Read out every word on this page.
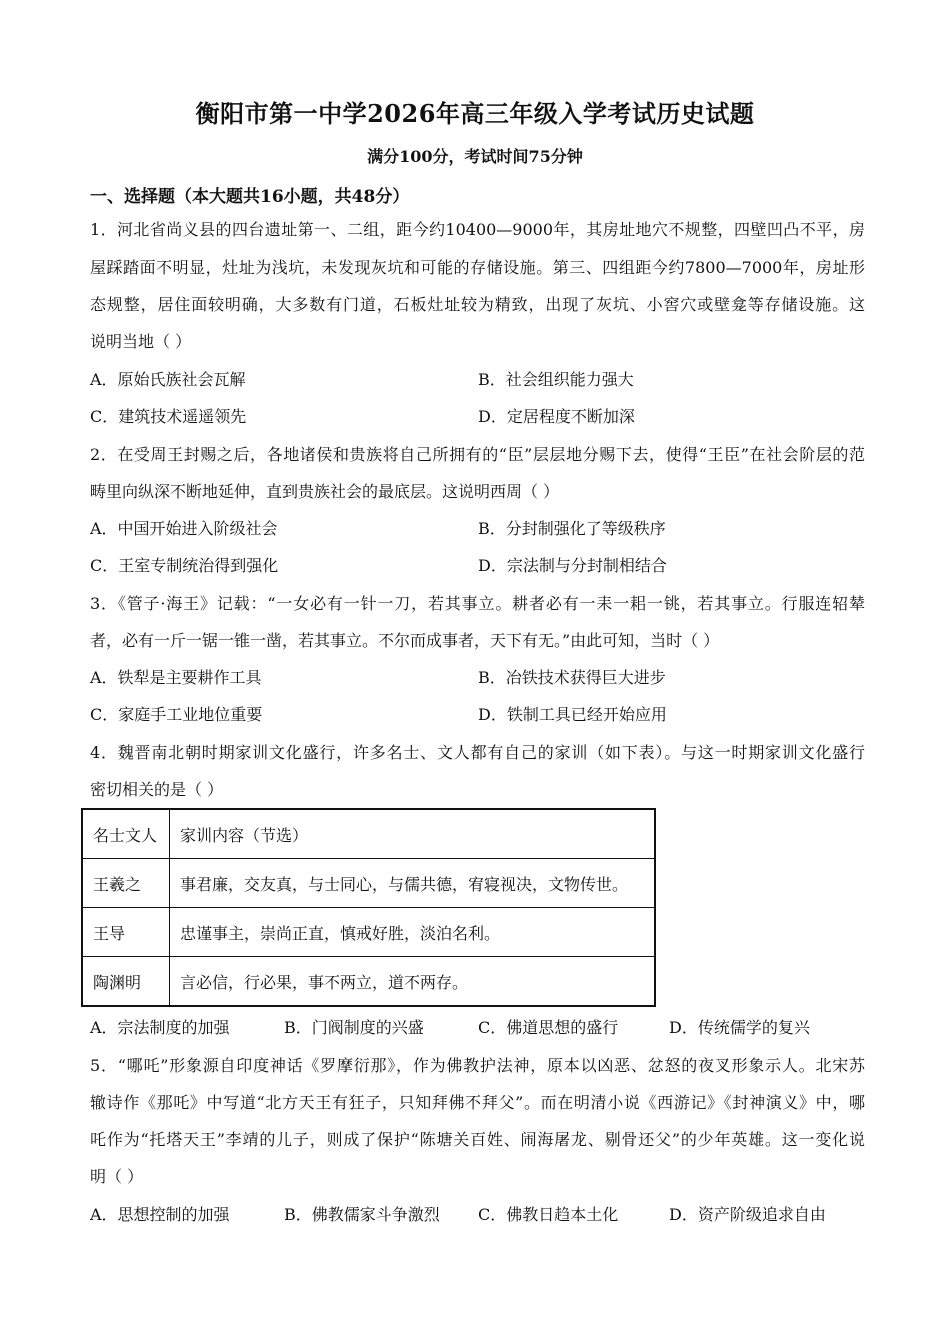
衡阳市第一中学2026年高三年级入学考试历史试题
满分100分，考试时间75分钟
一、选择题（本大题共16小题，共48分）
1．河北省尚义县的四台遗址第一、二组，距今约10400—9000年，其房址地穴不规整，四壁凹凸不平，房
屋踩踏面不明显，灶址为浅坑，未发现灰坑和可能的存储设施。第三、四组距今约7800—7000年，房址形
态规整，居住面较明确，大多数有门道，石板灶址较为精致，出现了灰坑、小窖穴或壁龛等存储设施。这
说明当地（ ）
A．原始氏族社会瓦解	B．社会组织能力强大
C．建筑技术遥遥领先	D．定居程度不断加深
2．在受周王封赐之后，各地诸侯和贵族将自己所拥有的“臣”层层地分赐下去，使得“王臣”在社会阶层的范
畴里向纵深不断地延伸，直到贵族社会的最底层。这说明西周（ ）
A．中国开始进入阶级社会	B．分封制强化了等级秩序
C．王室专制统治得到强化	D．宗法制与分封制相结合
3．《管子·海王》记载：“一女必有一针一刀，若其事立。耕者必有一耒一耜一铫，若其事立。行服连轺辇
者，必有一斤一锯一锥一凿，若其事立。不尔而成事者，天下有无。”由此可知，当时（ ）
A．铁犁是主要耕作工具	B．冶铁技术获得巨大进步
C．家庭手工业地位重要	D．铁制工具已经开始应用
4．魏晋南北朝时期家训文化盛行，许多名士、文人都有自己的家训（如下表）。与这一时期家训文化盛行
密切相关的是（ ）
名士文人	家训内容（节选）
王羲之	事君廉，交友真，与士同心，与儒共德，宥寝视决，文物传世。
王导	忠谨事主，崇尚正直，慎戒好胜，淡泊名利。
陶渊明	言必信，行必果，事不两立，道不两存。
A．宗法制度的加强	B．门阀制度的兴盛	C．佛道思想的盛行	D．传统儒学的复兴
5．“哪吒”形象源自印度神话《罗摩衍那》，作为佛教护法神，原本以凶恶、忿怒的夜叉形象示人。北宋苏
辙诗作《那吒》中写道“北方天王有狂子，只知拜佛不拜父”。而在明清小说《西游记》《封神演义》中，哪
吒作为“托塔天王”李靖的儿子，则成了保护“陈塘关百姓、闹海屠龙、剔骨还父”的少年英雄。这一变化说
明（ ）
A．思想控制的加强	B．佛教儒家斗争激烈 C．佛教日趋本土化	D．资产阶级追求自由
